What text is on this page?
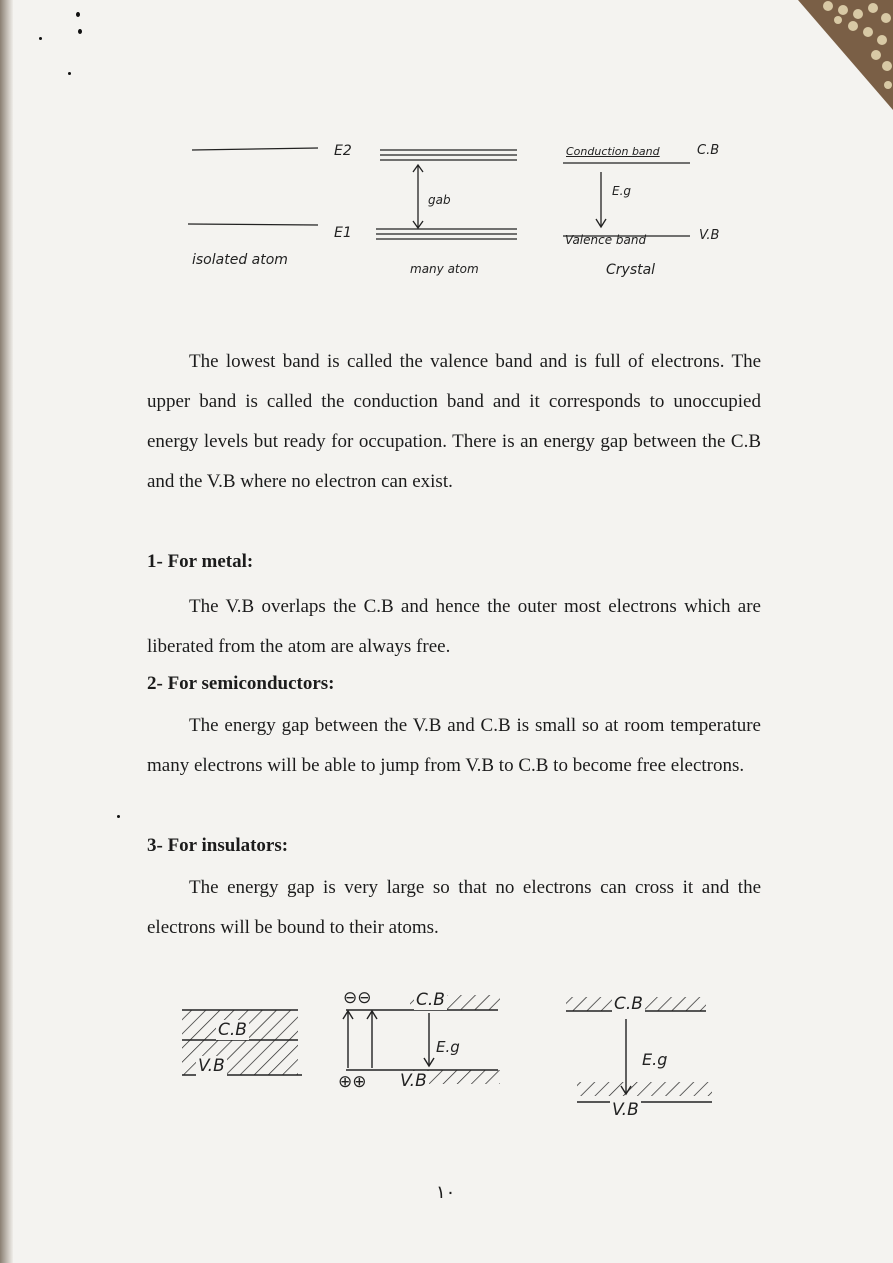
E2
E1
isolated atom
gab
many atom
Conduction band	C.B
E.g
Valence band	V.B
Crystal

The lowest band is called the valence band and is full of electrons. The upper band is called the conduction band and it corresponds to unoccupied energy levels but ready for occupation. There is an energy gap between the C.B and the V.B where no electron can exist.

1- For metal:

The V.B overlaps the C.B and hence the outer most electrons which are liberated from the atom are always free.

2- For semiconductors:

The energy gap between the V.B and C.B is small so at room temperature many electrons will be able to jump from V.B to C.B to become free electrons.

3- For insulators:

The energy gap is very large so that no electrons can cross it and the electrons will be bound to their atoms.

C.B
V.B
⊖⊖	C.B
E.g
⊕⊕ V.B
C.B
E.g
V.B
١٠
